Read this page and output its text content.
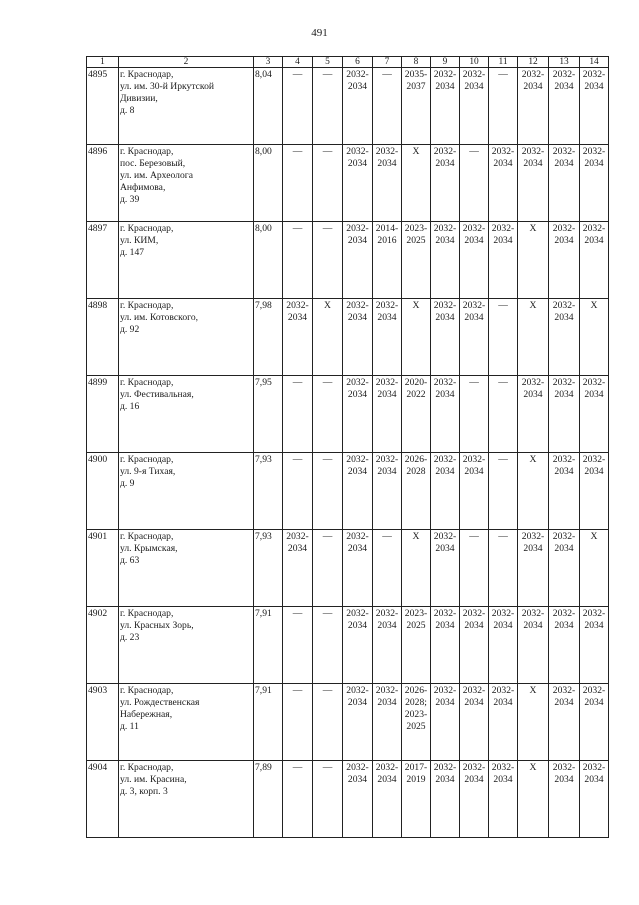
491
1	2	3	4	5	6	7	8	9	10	11	12	13	14
4895	г. Краснодар,
ул. им. 30-й Иркутской
Дивизии,
д. 8	8,04	—	—	2032-
2034	—	2035-
2037	2032-
2034	2032-
2034	—	2032-
2034	2032-
2034	2032-
2034
4896	г. Краснодар,
пос. Березовый,
ул. им. Археолога
Анфимова,
д. 39	8,00	—	—	2032-
2034	2032-
2034	X	2032-
2034	—	2032-
2034	2032-
2034	2032-
2034	2032-
2034
4897	г. Краснодар,
ул. КИМ,
д. 147	8,00	—	—	2032-
2034	2014-
2016	2023-
2025	2032-
2034	2032-
2034	2032-
2034	X	2032-
2034	2032-
2034
4898	г. Краснодар,
ул. им. Котовского,
д. 92	7,98	2032-
2034	X	2032-
2034	2032-
2034	X	2032-
2034	2032-
2034	—	X	2032-
2034	X
4899	г. Краснодар,
ул. Фестивальная,
д. 16	7,95	—	—	2032-
2034	2032-
2034	2020-
2022	2032-
2034	—	—	2032-
2034	2032-
2034	2032-
2034
4900	г. Краснодар,
ул. 9-я Тихая,
д. 9	7,93	—	—	2032-
2034	2032-
2034	2026-
2028	2032-
2034	2032-
2034	—	X	2032-
2034	2032-
2034
4901	г. Краснодар,
ул. Крымская,
д. 63	7,93	2032-
2034	—	2032-
2034	—	X	2032-
2034	—	—	2032-
2034	2032-
2034	X
4902	г. Краснодар,
ул. Красных Зорь,
д. 23	7,91	—	—	2032-
2034	2032-
2034	2023-
2025	2032-
2034	2032-
2034	2032-
2034	2032-
2034	2032-
2034	2032-
2034
4903	г. Краснодар,
ул. Рождественская
Набережная,
д. 11	7,91	—	—	2032-
2034	2032-
2034	2026-
2028;
2023-
2025	2032-
2034	2032-
2034	2032-
2034	X	2032-
2034	2032-
2034
4904	г. Краснодар,
ул. им. Красина,
д. 3, корп. 3	7,89	—	—	2032-
2034	2032-
2034	2017-
2019	2032-
2034	2032-
2034	2032-
2034	X	2032-
2034	2032-
2034
